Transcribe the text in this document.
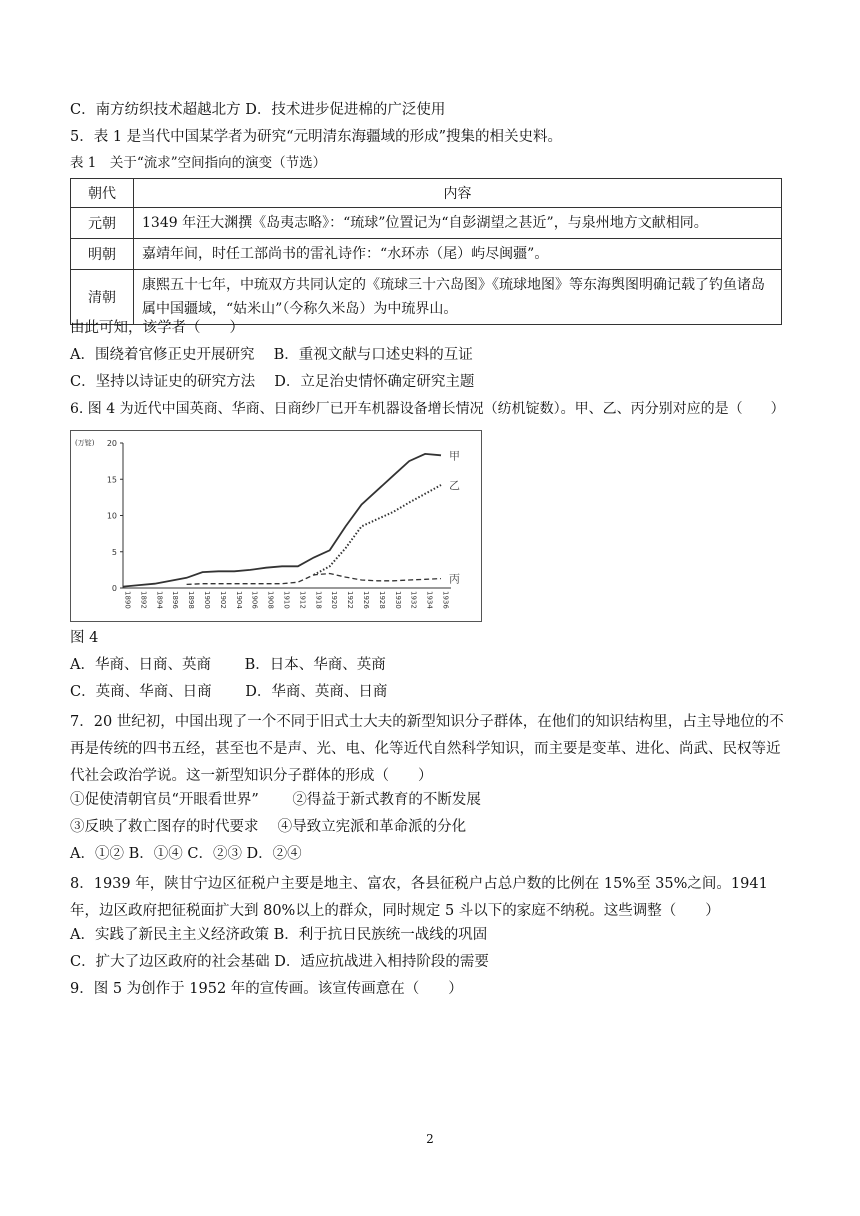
C．南方纺织技术超越北方 D．技术进步促进棉的广泛使用
5．表 1 是当代中国某学者为研究“元明清东海疆域的形成”搜集的相关史料。
表 1　关于“流求”空间指向的演变（节选）
朝代	内容
元朝	1349 年汪大渊撰《岛夷志略》：“琉球”位置记为“自彭湖望之甚近”，与泉州地方文献相同。
明朝	嘉靖年间，时任工部尚书的雷礼诗作：“水环赤（尾）屿尽闽疆”。
清朝	康熙五十七年，中琉双方共同认定的《琉球三十六岛图》《琉球地图》等东海舆图明确记载了钓鱼诸岛属中国疆域，“姑米山”（今称久米岛）为中琉界山。
由此可知，该学者（　　）
A．围绕着官修正史开展研究　 B．重视文献与口述史料的互证
C．坚持以诗证史的研究方法　 D．立足治史情怀确定研究主题
6. 图 4 为近代中国英商、华商、日商纱厂已开车机器设备增长情况（纺机锭数）。甲、乙、丙分别对应的是（　　）
(万锭)
0
5
10
15
20
1890 1892 1894 1896 1898 1900 1902 1904 1906 1908 1910 1912 1918 1920 1922 1926 1928 1930 1932 1934 1936
甲
乙
丙
图 4
A．华商、日商、英商　　 B．日本、华商、英商
C．英商、华商、日商　　 D．华商、英商、日商
7．20 世纪初，中国出现了一个不同于旧式士大夫的新型知识分子群体，在他们的知识结构里，占主导地位的不再是传统的四书五经，甚至也不是声、光、电、化等近代自然科学知识，而主要是变革、进化、尚武、民权等近代社会政治学说。这一新型知识分子群体的形成（　　）
①促使清朝官员“开眼看世界”　　 ②得益于新式教育的不断发展
③反映了救亡图存的时代要求　 ④导致立宪派和革命派的分化
A．①② B．①④ C．②③ D．②④
8．1939 年，陕甘宁边区征税户主要是地主、富农，各县征税户占总户数的比例在 15%至 35%之间。1941 年，边区政府把征税面扩大到 80%以上的群众，同时规定 5 斗以下的家庭不纳税。这些调整（　　）
A．实践了新民主主义经济政策 B．利于抗日民族统一战线的巩固
C．扩大了边区政府的社会基础 D．适应抗战进入相持阶段的需要
9．图 5 为创作于 1952 年的宣传画。该宣传画意在（　　）
2
